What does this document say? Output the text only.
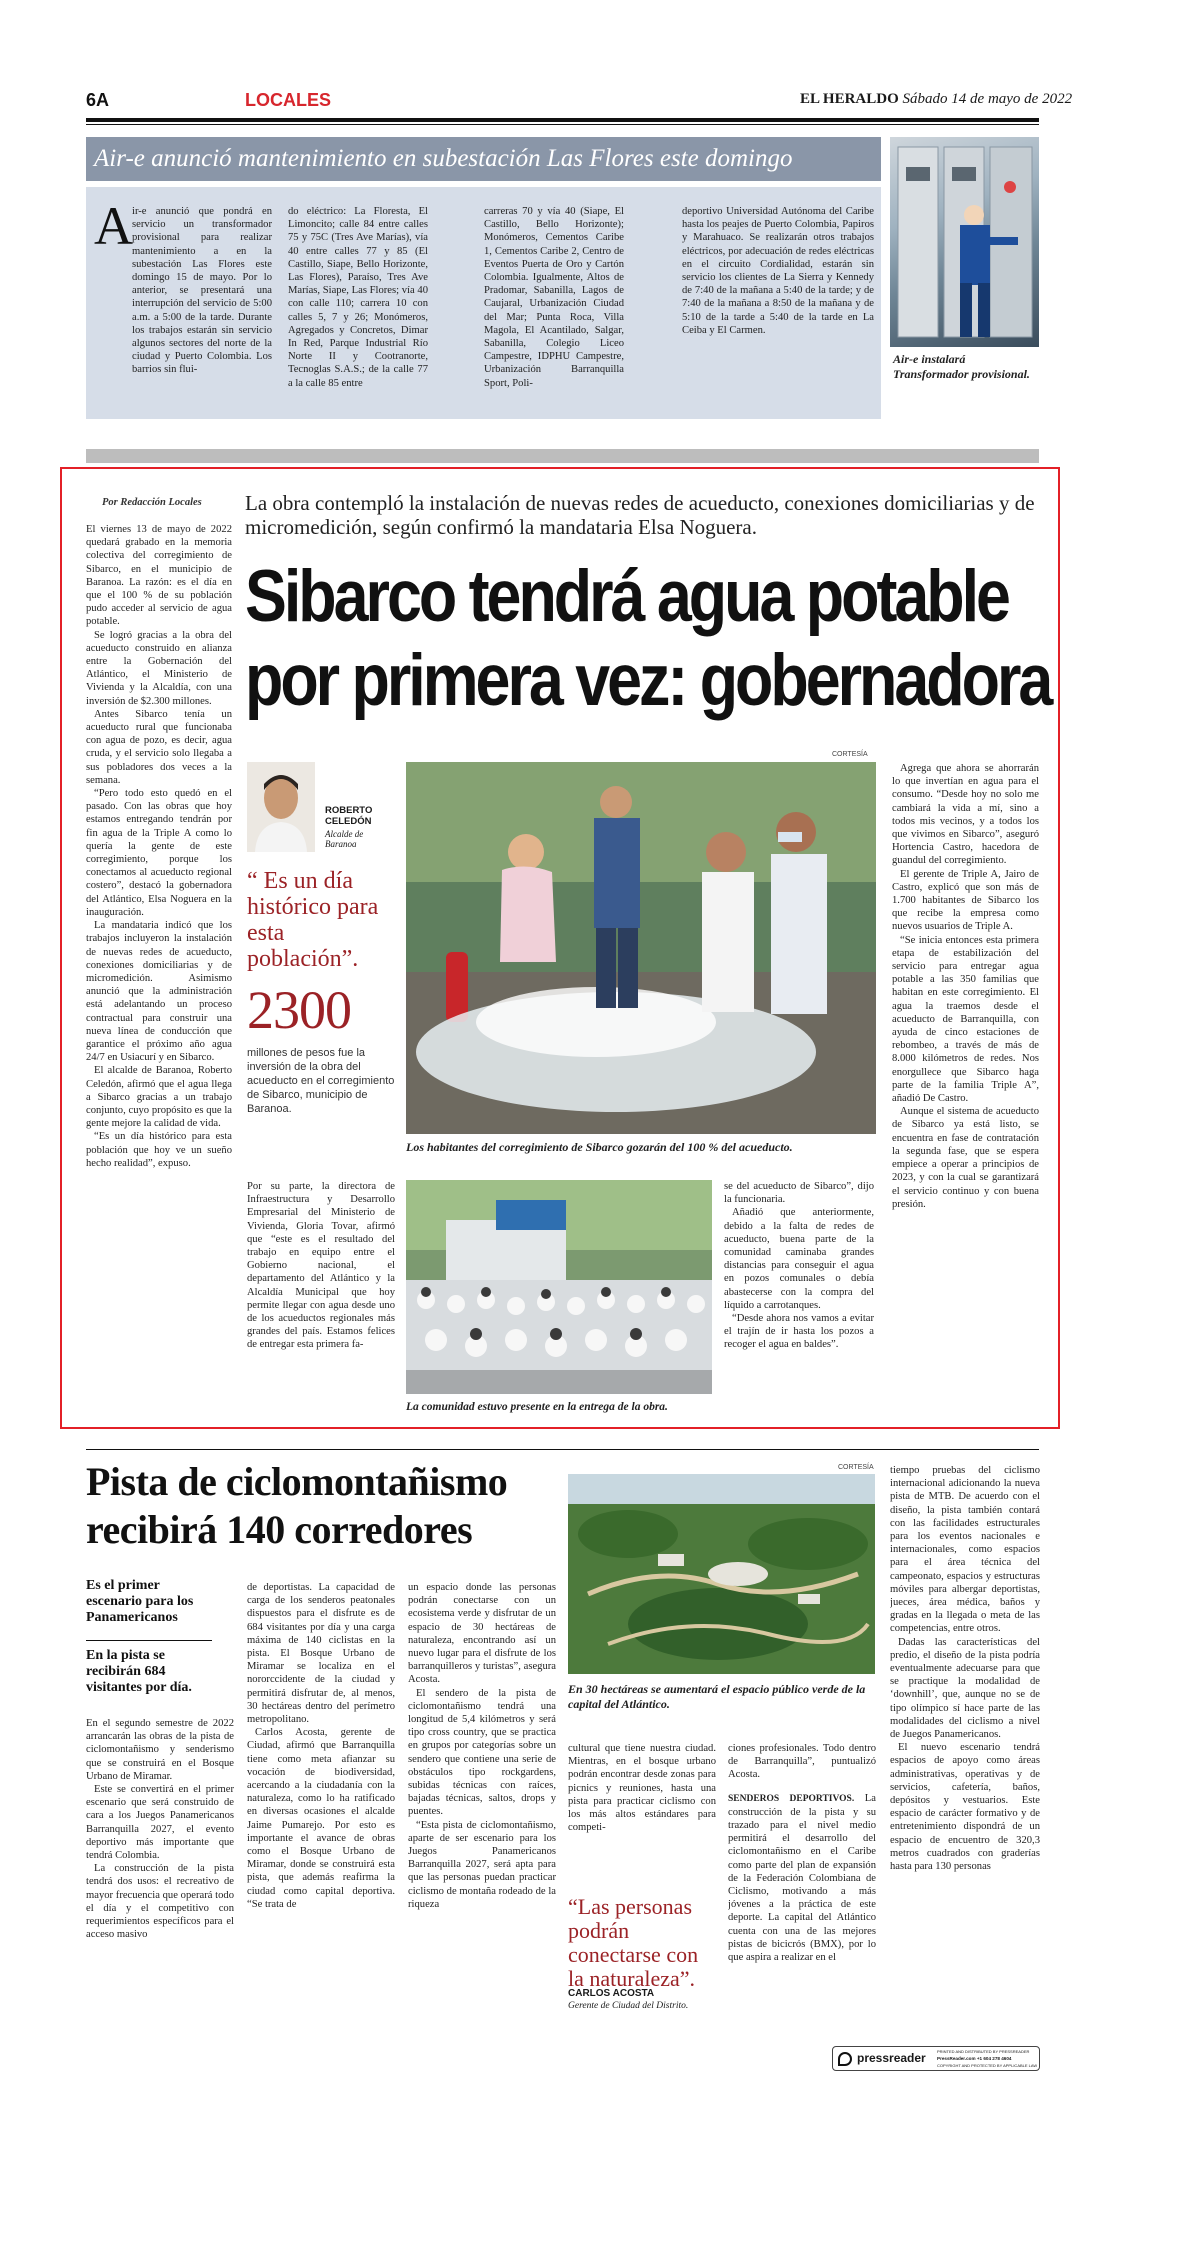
6A	LOCALES	EL HERALDO Sábado 14 de mayo de 2022
Air-e anunció mantenimiento en subestación Las Flores este domingo
A ir-e anunció que pondrá en servicio un transformador provisional para realizar mantenimiento a en la subestación Las Flores este domingo 15 de mayo. Por lo anterior, se presentará una interrupción del servicio de 5:00 a.m. a 5:00 de la tarde. Durante los trabajos estarán sin servicio algunos sectores del norte de la ciudad y Puerto Colombia. Los barrios sin flui-
do eléctrico: La Floresta, El Limoncito; calle 84 entre calles 75 y 75C (Tres Ave Marías), vía 40 entre calles 77 y 85 (El Castillo, Siape, Bello Horizonte, Las Flores), Paraíso, Tres Ave Marías, Siape, Las Flores; vía 40 con calle 110; carrera 10 con calles 5, 7 y 26; Monómeros, Agregados y Concretos, Dimar In Red, Parque Industrial Río Norte II y Cootranorte, Tecnoglas S.A.S.; de la calle 77 a la calle 85 entre
carreras 70 y vía 40 (Siape, El Castillo, Bello Horizonte); Monómeros, Cementos Caribe 1, Cementos Caribe 2, Centro de Eventos Puerta de Oro y Cartón Colombia. Igualmente, Altos de Pradomar, Sabanilla, Lagos de Caujaral, Urbanización Ciudad del Mar; Punta Roca, Villa Magola, El Acantilado, Salgar, Sabanilla, Colegio Liceo Campestre, IDPHU Campestre, Urbanización Barranquilla Sport, Poli-
deportivo Universidad Autónoma del Caribe hasta los peajes de Puerto Colombia, Papiros y Marahuaco. Se realizarán otros trabajos eléctricos, por adecuación de redes eléctricas en el circuito Cordialidad, estarán sin servicio los clientes de La Sierra y Kennedy de 7:40 de la mañana a 5:40 de la tarde; y de 7:40 de la mañana a 8:50 de la mañana y de 5:10 de la tarde a 5:40 de la tarde en La Ceiba y El Carmen.
Air-e instalará Transformador provisional.
Por Redacción Locales La obra contempló la instalación de nuevas redes de acueducto, conexiones domiciliarias y de micromedición, según confirmó la mandataria Elsa Noguera.
Sibarco tendrá agua potable
por primera vez: gobernadora

El viernes 13 de mayo de 2022 quedará grabado en la memoria colectiva del corregimiento de Sibarco, en el municipio de Baranoa. La razón: es el día en que el 100 % de su población pudo acceder al servicio de agua potable.

Se logró gracias a la obra del acueducto construido en alianza entre la Gobernación del Atlántico, el Ministerio de Vivienda y la Alcaldía, con una inversión de $2.300 millones.

Antes Sibarco tenía un acueducto rural que funcionaba con agua de pozo, es decir, agua cruda, y el servicio solo llegaba a sus pobladores dos veces a la semana.

“Pero todo esto quedó en el pasado. Con las obras que hoy estamos entregando tendrán por fin agua de la Triple A como lo quería la gente de este corregimiento, porque los conectamos al acueducto regional costero”, destacó la gobernadora del Atlántico, Elsa Noguera en la inauguración.

La mandataria indicó que los trabajos incluyeron la instalación de nuevas redes de acueducto, conexiones domiciliarias y de micromedición. Asimismo anunció que la administración está adelantando un proceso contractual para construir una nueva línea de conducción que garantice el próximo año agua 24/7 en Usiacurí y en Sibarco.

El alcalde de Baranoa, Roberto Celedón, afirmó que el agua llega a Sibarco gracias a un trabajo conjunto, cuyo propósito es que la gente mejore la calidad de vida.

“Es un día histórico para esta población que hoy ve un sueño hecho realidad”, expuso.

ROBERTO CELEDÓN
Alcalde de Baranoa
“ Es un día histórico para esta población”.
2300
millones de pesos fue la inversión de la obra del acueducto en el corregimiento de Sibarco, municipio de Baranoa.
CORTESÍA
Los habitantes del corregimiento de Sibarco gozarán del 100 % del acueducto.
Por su parte, la directora de Infraestructura y Desarrollo Empresarial del Ministerio de Vivienda, Gloria Tovar, afirmó que “este es el resultado del trabajo en equipo entre el Gobierno nacional, el departamento del Atlántico y la Alcaldía Municipal que hoy permite llegar con agua desde uno de los acueductos regionales más grandes del país. Estamos felices de entregar esta primera fa-
La comunidad estuvo presente en la entrega de la obra.

se del acueducto de Sibarco”, dijo la funcionaria.

Añadió que anteriormente, debido a la falta de redes de acueducto, buena parte de la comunidad caminaba grandes distancias para conseguir el agua en pozos comunales o debía abastecerse con la compra del líquido a carrotanques.

“Desde ahora nos vamos a evitar el trajín de ir hasta los pozos a recoger el agua en baldes”.

Agrega que ahora se ahorrarán lo que invertían en agua para el consumo. “Desde hoy no solo me cambiará la vida a mí, sino a todos mis vecinos, y a todos los que vivimos en Sibarco”, aseguró Hortencia Castro, hacedora de guandul del corregimiento.

El gerente de Triple A, Jairo de Castro, explicó que son más de 1.700 habitantes de Sibarco los que recibe la empresa como nuevos usuarios de Triple A.

“Se inicia entonces esta primera etapa de estabilización del servicio para entregar agua potable a las 350 familias que habitan en este corregimiento. El agua la traemos desde el acueducto de Barranquilla, con ayuda de cinco estaciones de rebombeo, a través de más de 8.000 kilómetros de redes. Nos enorgullece que Sibarco haga parte de la familia Triple A”, añadió De Castro.

Aunque el sistema de acueducto de Sibarco ya está listo, se encuentra en fase de contratación la segunda fase, que se espera empiece a operar a principios de 2023, y con la cual se garantizará el servicio continuo y con buena presión.

Pista de ciclomontañismo
recibirá 140 corredores
CORTESÍA
En 30 hectáreas se aumentará el espacio público verde de la capital del Atlántico.
Es el primer escenario para los Panamericanos
En la pista se recibirán 684 visitantes por día.

En el segundo semestre de 2022 arrancarán las obras de la pista de ciclomontañismo y senderismo que se construirá en el Bosque Urbano de Miramar.

Este se convertirá en el primer escenario que será construido de cara a los Juegos Panamericanos Barranquilla 2027, el evento deportivo más importante que tendrá Colombia.

La construcción de la pista tendrá dos usos: el recreativo de mayor frecuencia que operará todo el día y el competitivo con requerimientos específicos para el acceso masivo

de deportistas. La capacidad de carga de los senderos peatonales dispuestos para el disfrute es de 684 visitantes por día y una carga máxima de 140 ciclistas en la pista. El Bosque Urbano de Miramar se localiza en el nororccidente de la ciudad y permitirá disfrutar de, al menos, 30 hectáreas dentro del perímetro metropolitano.

Carlos Acosta, gerente de Ciudad, afirmó que Barranquilla tiene como meta afianzar su vocación de biodiversidad, acercando a la ciudadanía con la naturaleza, como lo ha ratificado en diversas ocasiones el alcalde Jaime Pumarejo. Por esto es importante el avance de obras como el Bosque Urbano de Miramar, donde se construirá esta pista, que además reafirma la ciudad como capital deportiva. “Se trata de

un espacio donde las personas podrán conectarse con un ecosistema verde y disfrutar de un espacio de 30 hectáreas de naturaleza, encontrando así un nuevo lugar para el disfrute de los barranquilleros y turistas”, asegura Acosta.

El sendero de la pista de ciclomontañismo tendrá una longitud de 5,4 kilómetros y será tipo cross country, que se practica en grupos por categorías sobre un sendero que contiene una serie de obstáculos tipo rockgardens, subidas técnicas con raíces, bajadas técnicas, saltos, drops y puentes.

“Esta pista de ciclomontañismo, aparte de ser escenario para los Juegos Panamericanos Barranquilla 2027, será apta para que las personas puedan practicar ciclismo de montaña rodeado de la riqueza

cultural que tiene nuestra ciudad. Mientras, en el bosque urbano podrán encontrar desde zonas para picnics y reuniones, hasta una pista para practicar ciclismo con los más altos estándares para competi-
“Las personas podrán conectarse con la naturaleza”.
CARLOS ACOSTA
Gerente de Ciudad del Distrito.

ciones profesionales. Todo dentro de Barranquilla”, puntualizó Acosta.

SENDEROS DEPORTIVOS. La construcción de la pista y su trazado para el nivel medio permitirá el desarrollo del ciclomontañismo en el Caribe como parte del plan de expansión de la Federación Colombiana de Ciclismo, motivando a más jóvenes a la práctica de este deporte. La capital del Atlántico cuenta con una de las mejores pistas de bicicrós (BMX), por lo que aspira a realizar en el

tiempo pruebas del ciclismo internacional adicionando la nueva pista de MTB. De acuerdo con el diseño, la pista también contará con las facilidades estructurales para los eventos nacionales e internacionales, como espacios para el área técnica del campeonato, espacios y estructuras móviles para albergar deportistas, jueces, área médica, baños y gradas en la llegada o meta de las competencias, entre otros.

Dadas las características del predio, el diseño de la pista podría eventualmente adecuarse para que se practique la modalidad de ‘downhill’, que, aunque no se de tipo olímpico sí hace parte de las modalidades del ciclismo a nivel de Juegos Panamericanos.

El nuevo escenario tendrá espacios de apoyo como áreas administrativas, operativas y de servicios, cafetería, baños, depósitos y vestuarios. Este espacio de carácter formativo y de entretenimiento dispondrá de un espacio de encuentro de 320,3 metros cuadrados con graderías hasta para 130 personas

pressreader	PRINTED AND DISTRIBUTED BY PRESSREADER
PressReader.com +1 604 278 4604
COPYRIGHT AND PROTECTED BY APPLICABLE LAW
